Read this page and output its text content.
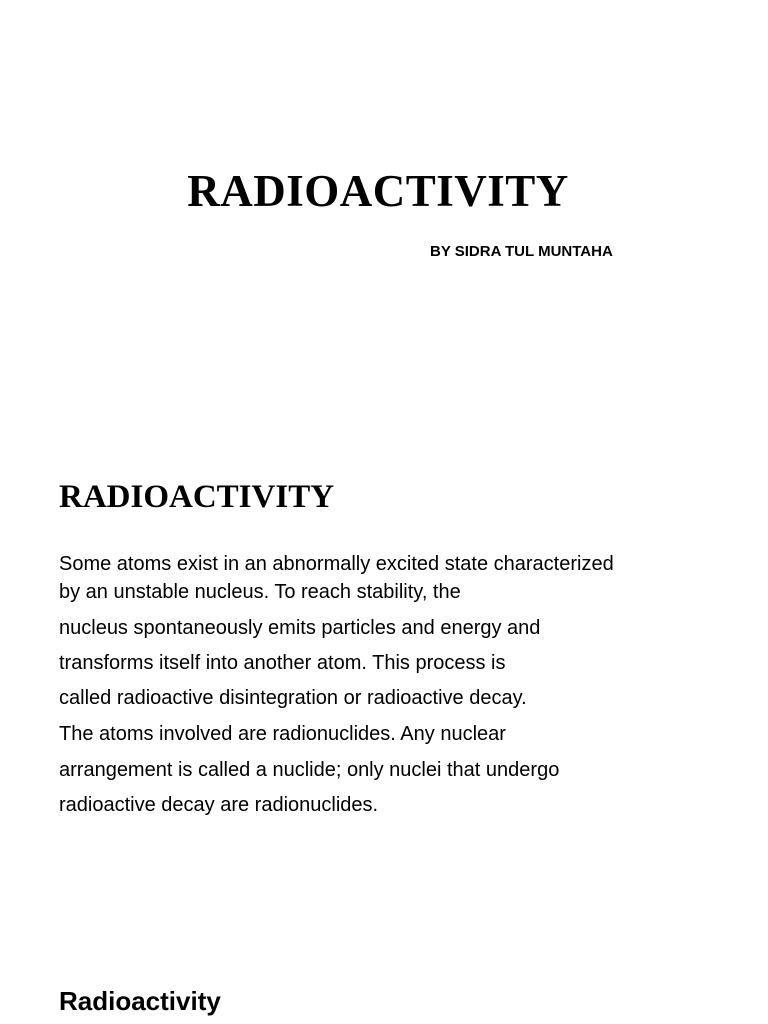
RADIOACTIVITY

BY SIDRA TUL MUNTAHA

RADIOACTIVITY

Some atoms exist in an abnormally excited state characterized

by an unstable nucleus. To reach stability, the

nucleus spontaneously emits particles and energy and

transforms itself into another atom. This process is

called radioactive disintegration or radioactive decay.

The atoms involved are radionuclides. Any nuclear

arrangement is called a nuclide; only nuclei that undergo

radioactive decay are radionuclides.

Radioactivity
